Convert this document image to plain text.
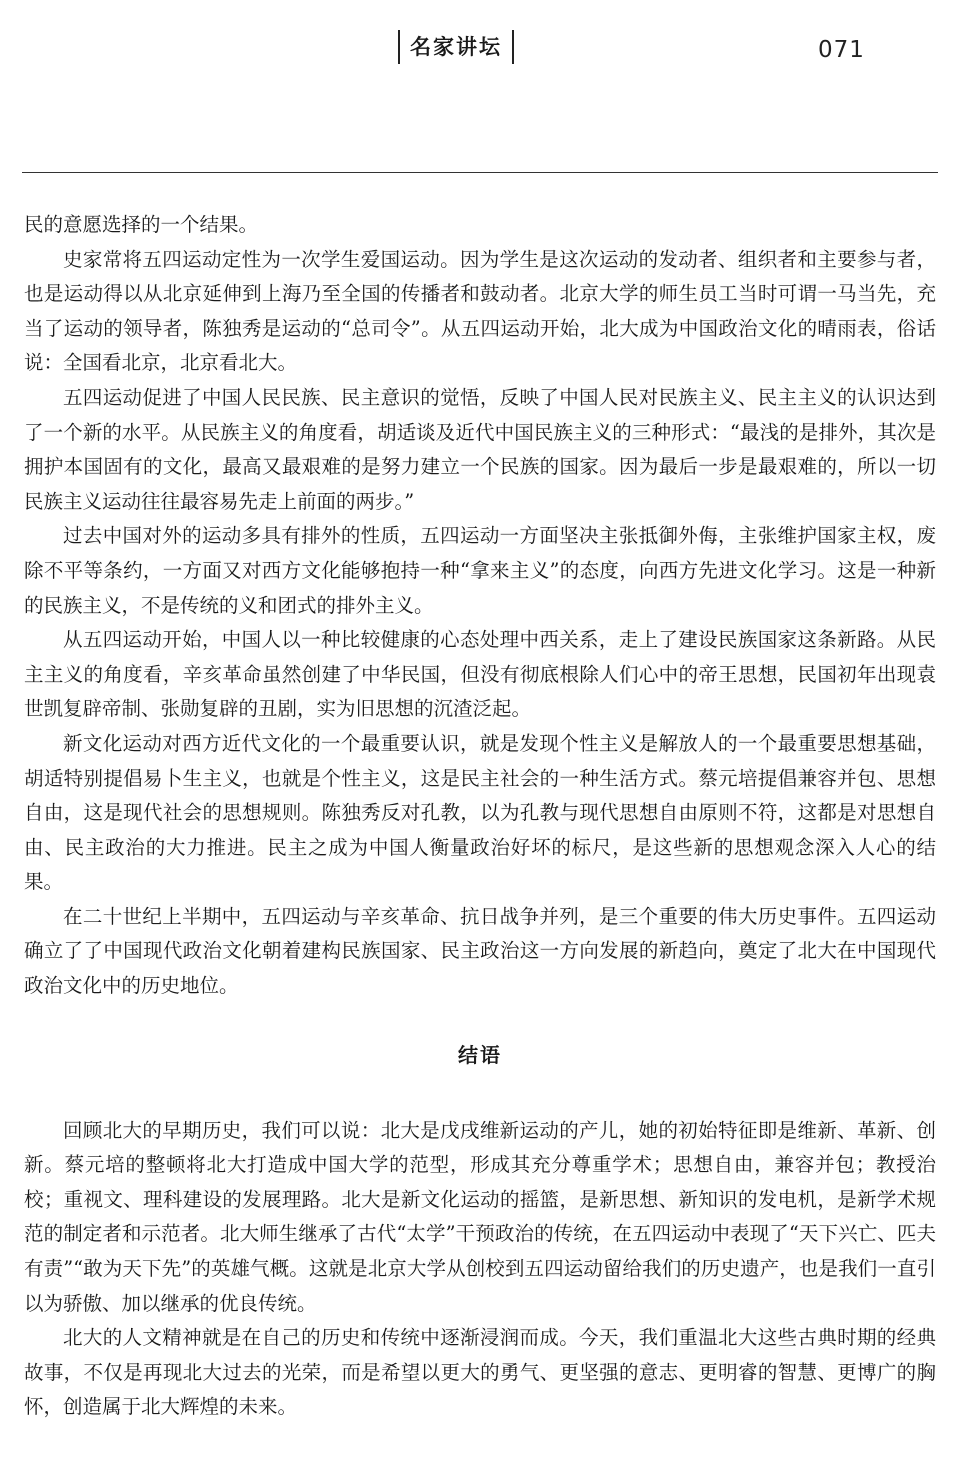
名家讲坛	071

民的意愿选择的一个结果。

史家常将五四运动定性为一次学生爱国运动。因为学生是这次运动的发动者、组织者和主要参与者，也是运动得以从北京延伸到上海乃至全国的传播者和鼓动者。北京大学的师生员工当时可谓一马当先，充当了运动的领导者，陈独秀是运动的“总司令”。从五四运动开始，北大成为中国政治文化的晴雨表，俗话说：全国看北京，北京看北大。

五四运动促进了中国人民民族、民主意识的觉悟，反映了中国人民对民族主义、民主主义的认识达到了一个新的水平。从民族主义的角度看，胡适谈及近代中国民族主义的三种形式：“最浅的是排外，其次是拥护本国固有的文化，最高又最艰难的是努力建立一个民族的国家。因为最后一步是最艰难的，所以一切民族主义运动往往最容易先走上前面的两步。”

过去中国对外的运动多具有排外的性质，五四运动一方面坚决主张抵御外侮，主张维护国家主权，废除不平等条约，一方面又对西方文化能够抱持一种“拿来主义”的态度，向西方先进文化学习。这是一种新的民族主义，不是传统的义和团式的排外主义。

从五四运动开始，中国人以一种比较健康的心态处理中西关系，走上了建设民族国家这条新路。从民主主义的角度看，辛亥革命虽然创建了中华民国，但没有彻底根除人们心中的帝王思想，民国初年出现袁世凯复辟帝制、张勋复辟的丑剧，实为旧思想的沉渣泛起。

新文化运动对西方近代文化的一个最重要认识，就是发现个性主义是解放人的一个最重要思想基础，胡适特别提倡易卜生主义，也就是个性主义，这是民主社会的一种生活方式。蔡元培提倡兼容并包、思想自由，这是现代社会的思想规则。陈独秀反对孔教，以为孔教与现代思想自由原则不符，这都是对思想自由、民主政治的大力推进。民主之成为中国人衡量政治好坏的标尺，是这些新的思想观念深入人心的结果。

在二十世纪上半期中，五四运动与辛亥革命、抗日战争并列，是三个重要的伟大历史事件。五四运动确立了了中国现代政治文化朝着建构民族国家、民主政治这一方向发展的新趋向，奠定了北大在中国现代政治文化中的历史地位。

结语

回顾北大的早期历史，我们可以说：北大是戊戌维新运动的产儿，她的初始特征即是维新、革新、创新。蔡元培的整顿将北大打造成中国大学的范型，形成其充分尊重学术；思想自由，兼容并包；教授治校；重视文、理科建设的发展理路。北大是新文化运动的摇篮，是新思想、新知识的发电机，是新学术规范的制定者和示范者。北大师生继承了古代“太学”干预政治的传统，在五四运动中表现了“天下兴亡、匹夫有责”“敢为天下先”的英雄气概。这就是北京大学从创校到五四运动留给我们的历史遗产，也是我们一直引以为骄傲、加以继承的优良传统。

北大的人文精神就是在自己的历史和传统中逐渐浸润而成。今天，我们重温北大这些古典时期的经典故事，不仅是再现北大过去的光荣，而是希望以更大的勇气、更坚强的意志、更明睿的智慧、更博广的胸怀，创造属于北大辉煌的未来。
